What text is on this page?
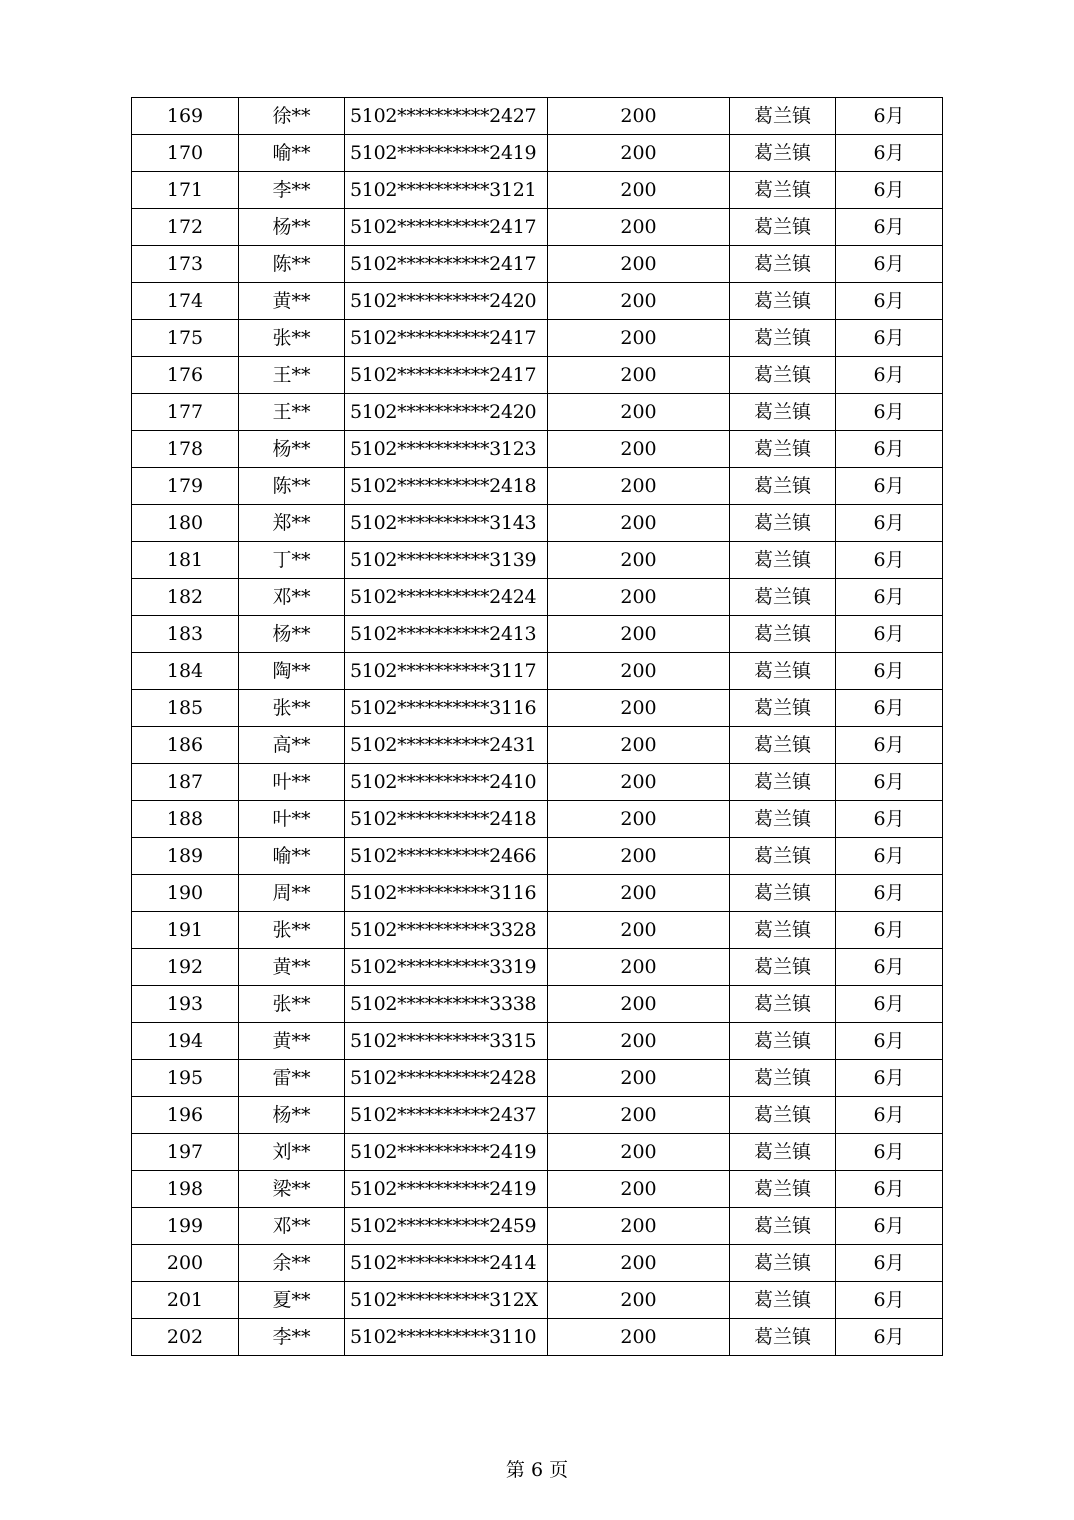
169	徐**	5102**********2427	200	葛兰镇	6月
170	喻**	5102**********2419	200	葛兰镇	6月
171	李**	5102**********3121	200	葛兰镇	6月
172	杨**	5102**********2417	200	葛兰镇	6月
173	陈**	5102**********2417	200	葛兰镇	6月
174	黄**	5102**********2420	200	葛兰镇	6月
175	张**	5102**********2417	200	葛兰镇	6月
176	王**	5102**********2417	200	葛兰镇	6月
177	王**	5102**********2420	200	葛兰镇	6月
178	杨**	5102**********3123	200	葛兰镇	6月
179	陈**	5102**********2418	200	葛兰镇	6月
180	郑**	5102**********3143	200	葛兰镇	6月
181	丁**	5102**********3139	200	葛兰镇	6月
182	邓**	5102**********2424	200	葛兰镇	6月
183	杨**	5102**********2413	200	葛兰镇	6月
184	陶**	5102**********3117	200	葛兰镇	6月
185	张**	5102**********3116	200	葛兰镇	6月
186	高**	5102**********2431	200	葛兰镇	6月
187	叶**	5102**********2410	200	葛兰镇	6月
188	叶**	5102**********2418	200	葛兰镇	6月
189	喻**	5102**********2466	200	葛兰镇	6月
190	周**	5102**********3116	200	葛兰镇	6月
191	张**	5102**********3328	200	葛兰镇	6月
192	黄**	5102**********3319	200	葛兰镇	6月
193	张**	5102**********3338	200	葛兰镇	6月
194	黄**	5102**********3315	200	葛兰镇	6月
195	雷**	5102**********2428	200	葛兰镇	6月
196	杨**	5102**********2437	200	葛兰镇	6月
197	刘**	5102**********2419	200	葛兰镇	6月
198	梁**	5102**********2419	200	葛兰镇	6月
199	邓**	5102**********2459	200	葛兰镇	6月
200	余**	5102**********2414	200	葛兰镇	6月
201	夏**	5102**********312X	200	葛兰镇	6月
202	李**	5102**********3110	200	葛兰镇	6月
第 6 页
